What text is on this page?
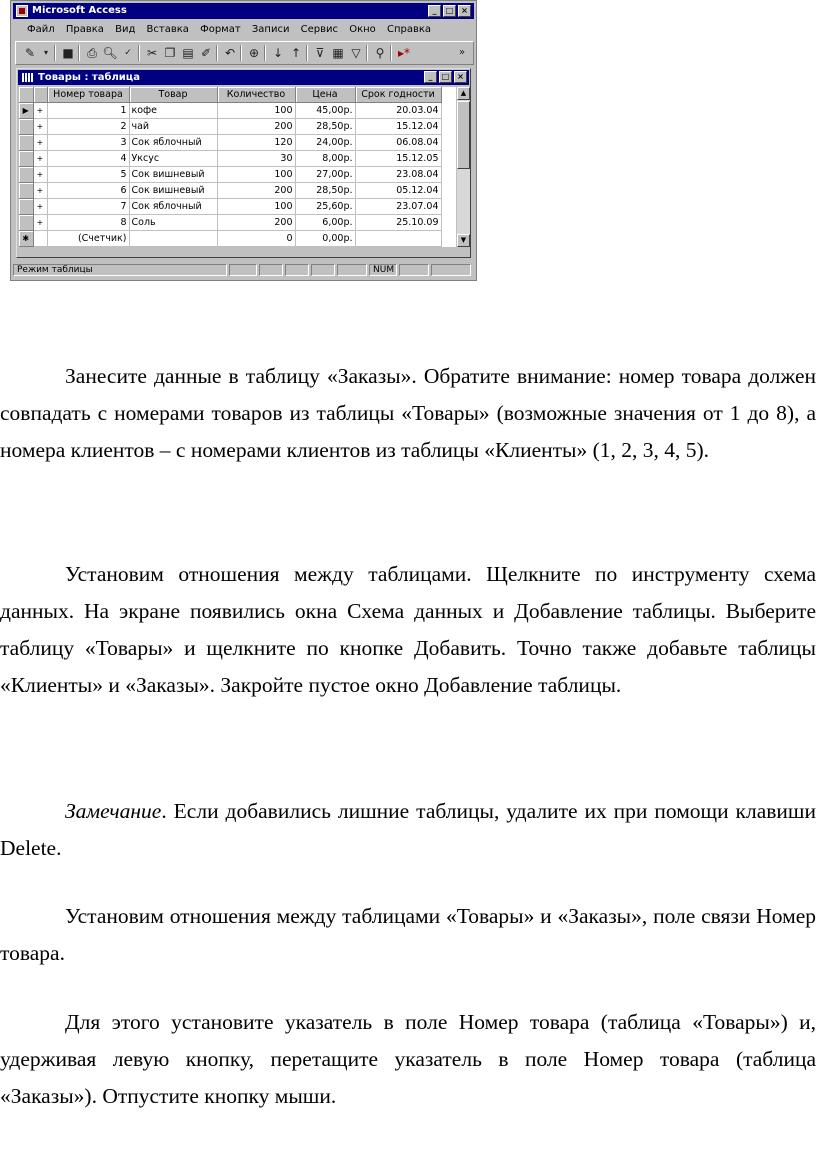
Microsoft Access	_	□ ×
Файл Правка Вид Вставка Формат Записи Сервис Окно Справка
✎	▾	■ ⎙ 🔍︎ ✓	✂ ❐ ▤ ✐ ↶ ⊕ ↓ ↑ ⊽ ▦ ▽ ⚲	▸*	»
Товары : таблица	_	□ ×
		Номер товара	Товар	Количество	Цена	Срок годности
▶	+	1	кофе	100	45,00р.	20.03.04
	+	2	чай	200	28,50р.	15.12.04
	+	3	Сок яблочный	120	24,00р.	06.08.04
	+	4	Уксус	30	8,00р.	15.12.05
	+	5	Сок вишневый	100	27,00р.	23.08.04
	+	6	Сок вишневый	200	28,50р.	05.12.04
	+	7	Сок яблочный	100	25,60р.	23.07.04
	+	8	Соль	200	6,00р.	25.10.09
✱		(Счетчик)		0	0,00р.	
▲
▼
Режим таблицы	NUM

Занесите данные в таблицу «Заказы». Обратите внимание: номер товара должен совпадать с номерами товаров из таблицы «Товары» (возможные значения от 1 до 8), а номера клиентов – с номерами клиентов из таблицы «Клиенты» (1, 2, 3, 4, 5).

Установим отношения между таблицами. Щелкните по инструменту схема данных. На экране появились окна Схема данных и Добавление таблицы. Выберите таблицу «Товары» и щелкните по кнопке Добавить. Точно также добавьте таблицы «Клиенты» и «Заказы». Закройте пустое окно Добавление таблицы.

Замечание. Если добавились лишние таблицы, удалите их при помощи клавиши Delete.

Установим отношения между таблицами «Товары» и «Заказы», поле связи Номер товара.

Для этого установите указатель в поле Номер товара (таблица «Товары») и, удерживая левую кнопку, перетащите указатель в поле Номер товара (таблица «Заказы»). Отпустите кнопку мыши.
